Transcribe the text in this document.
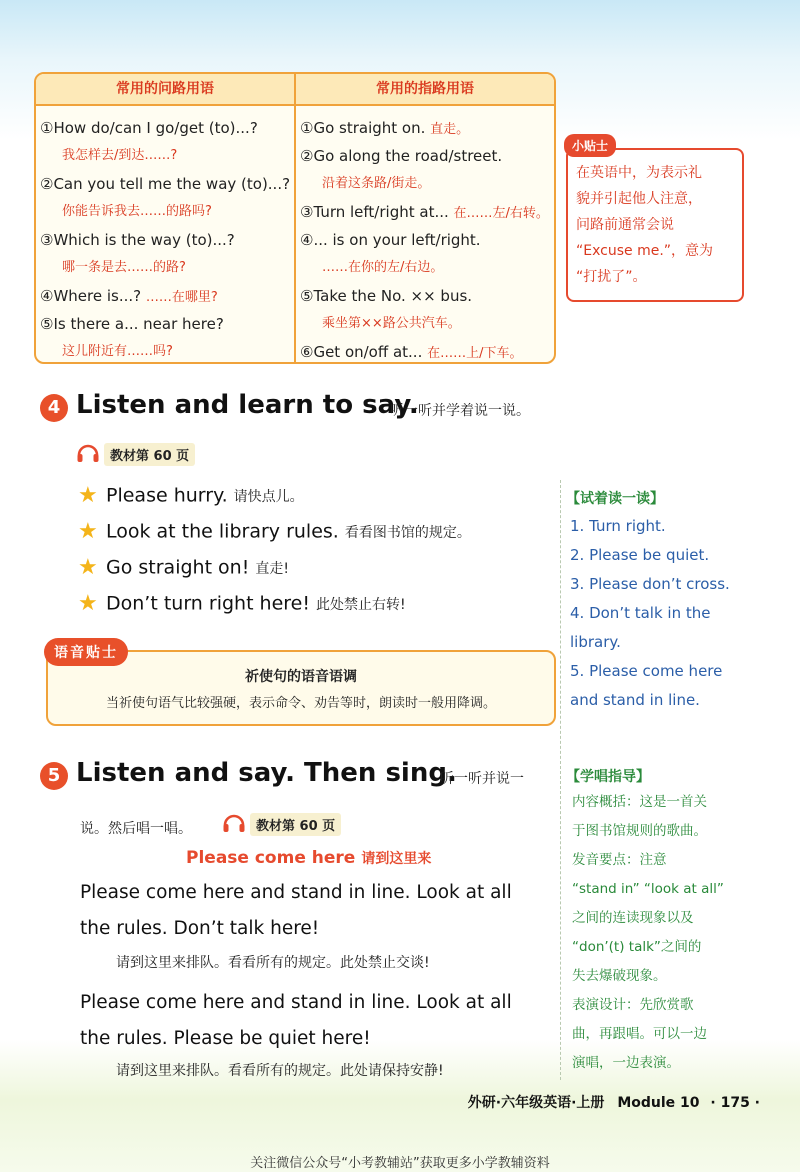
常用的问路用语	常用的指路用语
①How do/can I go/get (to)...?
我怎样去/到达……?
②Can you tell me the way (to)...?
你能告诉我去……的路吗?
③Which is the way (to)...?
哪一条是去……的路?
④Where is...? ……在哪里?
⑤Is there a... near here?
这儿附近有……吗?
①Go straight on. 直走。
②Go along the road/street.
沿着这条路/街走。
③Turn left/right at... 在……左/右转。
④... is on your left/right.
……在你的左/右边。
⑤Take the No. ×× bus.
乘坐第××路公共汽车。
⑥Get on/off at... 在……上/下车。
小贴士
在英语中，为表示礼
貌并引起他人注意，
问路前通常会说
“Excuse me.”，意为
“打扰了”。
4 Listen and learn to say.
听一听并学着说一说。
教材第 60 页
★ Please hurry. 请快点儿。
★ Look at the library rules. 看看图书馆的规定。
★ Go straight on! 直走!
★ Don’t turn right here! 此处禁止右转!
语音贴士
祈使句的语音语调
当祈使句语气比较强硬，表示命令、劝告等时，朗读时一般用降调。
【试着读一读】
1. Turn right.
2. Please be quiet.
3. Please don’t cross.
4. Don’t talk in the
library.
5. Please come here
and stand in line.
5 Listen and say. Then sing.
听一听并说一
说。然后唱一唱。	教材第 60 页
Please come here 请到这里来
Please come here and stand in line. Look at all
the rules. Don’t talk here!
请到这里来排队。看看所有的规定。此处禁止交谈!
Please come here and stand in line. Look at all
the rules. Please be quiet here!
请到这里来排队。看看所有的规定。此处请保持安静!
【学唱指导】
内容概括：这是一首关
于图书馆规则的歌曲。
发音要点：注意
“stand in” “look at all”
之间的连读现象以及
“don’(t) talk”之间的
失去爆破现象。
表演设计：先欣赏歌
曲，再跟唱。可以一边
演唱，一边表演。
外研·六年级英语·上册 Module 10 · 175 ·
关注微信公众号“小考教辅站”获取更多小学教辅资料
